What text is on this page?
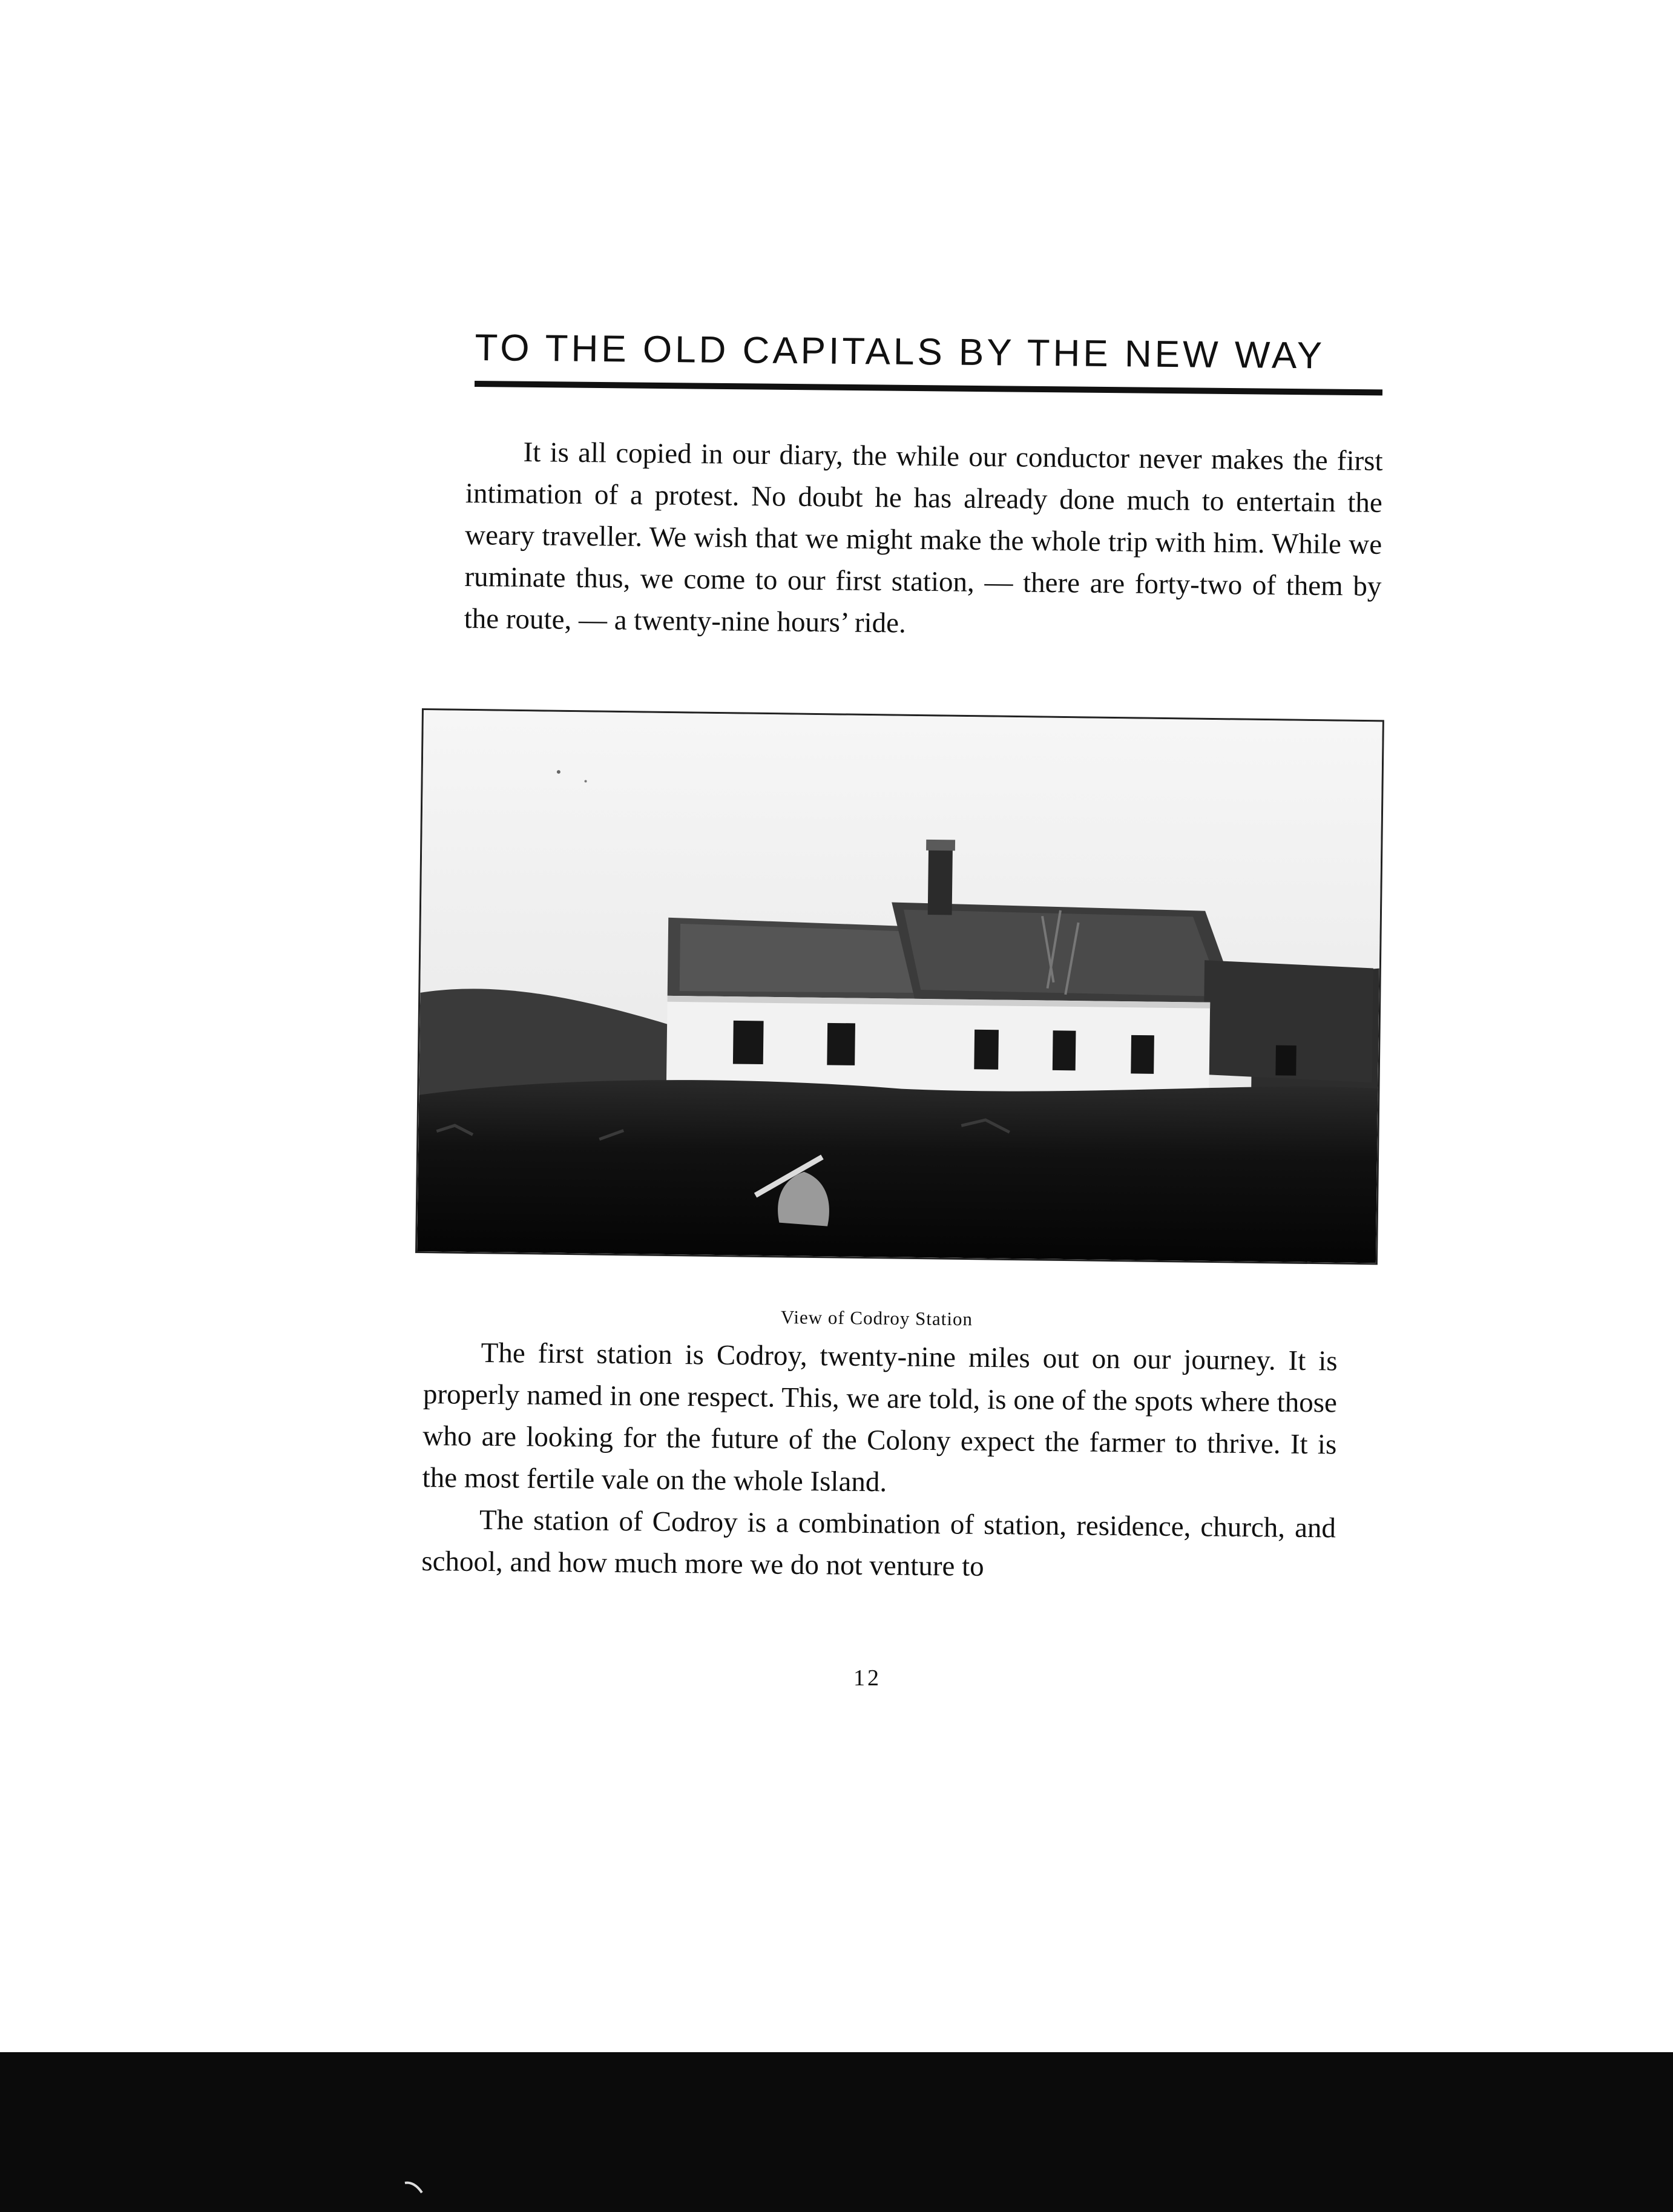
TO THE OLD CAPITALS BY THE NEW WAY

It is all copied in our diary, the while our conductor never makes the first intimation of a protest. No doubt he has already done much to entertain the weary traveller. We wish that we might make the whole trip with him. While we ruminate thus, we come to our first station, — there are forty-two of them by the route, — a twenty-nine hours’ ride.

View of Codroy Station

The first station is Codroy, twenty-nine miles out on our journey. It is properly named in one respect. This, we are told, is one of the spots where those who are looking for the future of the Colony expect the farmer to thrive. It is the most fertile vale on the whole Island.

The station of Codroy is a combination of station, residence, church, and school, and how much more we do not venture to

12
